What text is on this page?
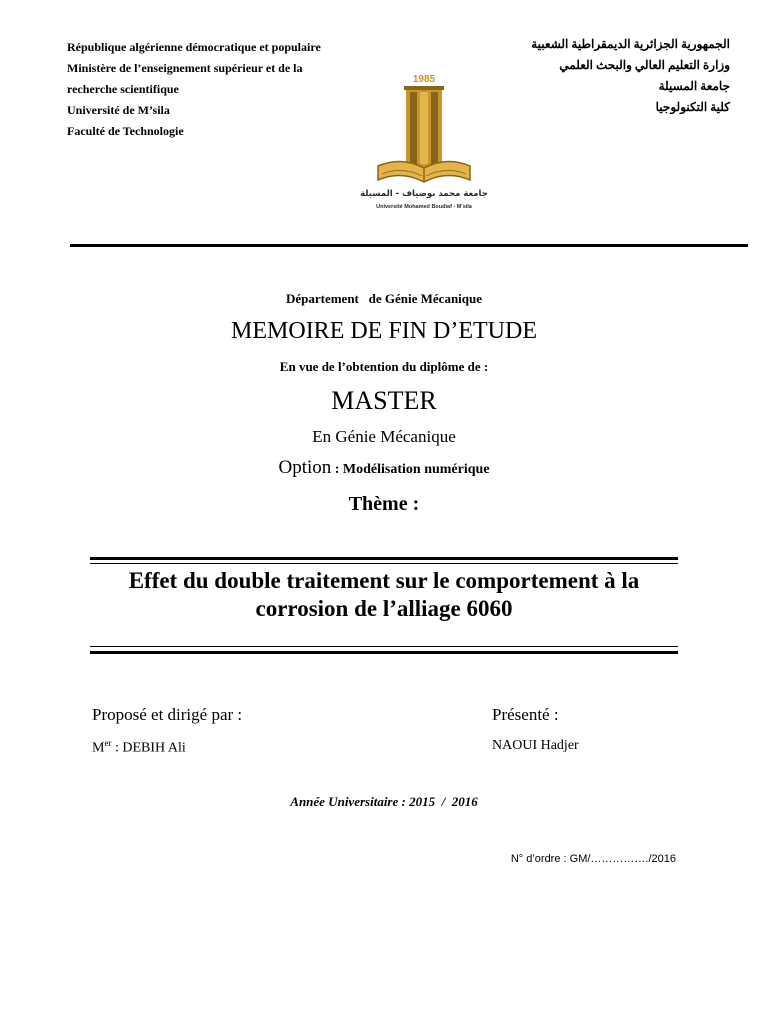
République algérienne démocratique et populaire
Ministère de l’enseignement supérieur et de la
recherche scientifique
Université de M’sila
Faculté de Technologie
الجمهورية الجزائرية الديمقراطية الشعبية
وزارة التعليم العالي والبحث العلمي
جامعة المسيلة
كلية التكنولوجيا
1985
جامعة محمد بوضياف - المسيلة
Université Mohamed Boudiaf - M'sila
Département   de Génie Mécanique
MEMOIRE DE FIN D’ETUDE
En vue de l’obtention du diplôme de :
MASTER
En Génie Mécanique
Option : Modélisation numérique
Thème :
Effet du double traitement sur le comportement à la
corrosion de l’alliage 6060
Proposé et dirigé par :
Mer : DEBIH Ali
Présenté :
NAOUI Hadjer
Année Universitaire : 2015  /  2016
N° d’ordre : GM/……………./2016
